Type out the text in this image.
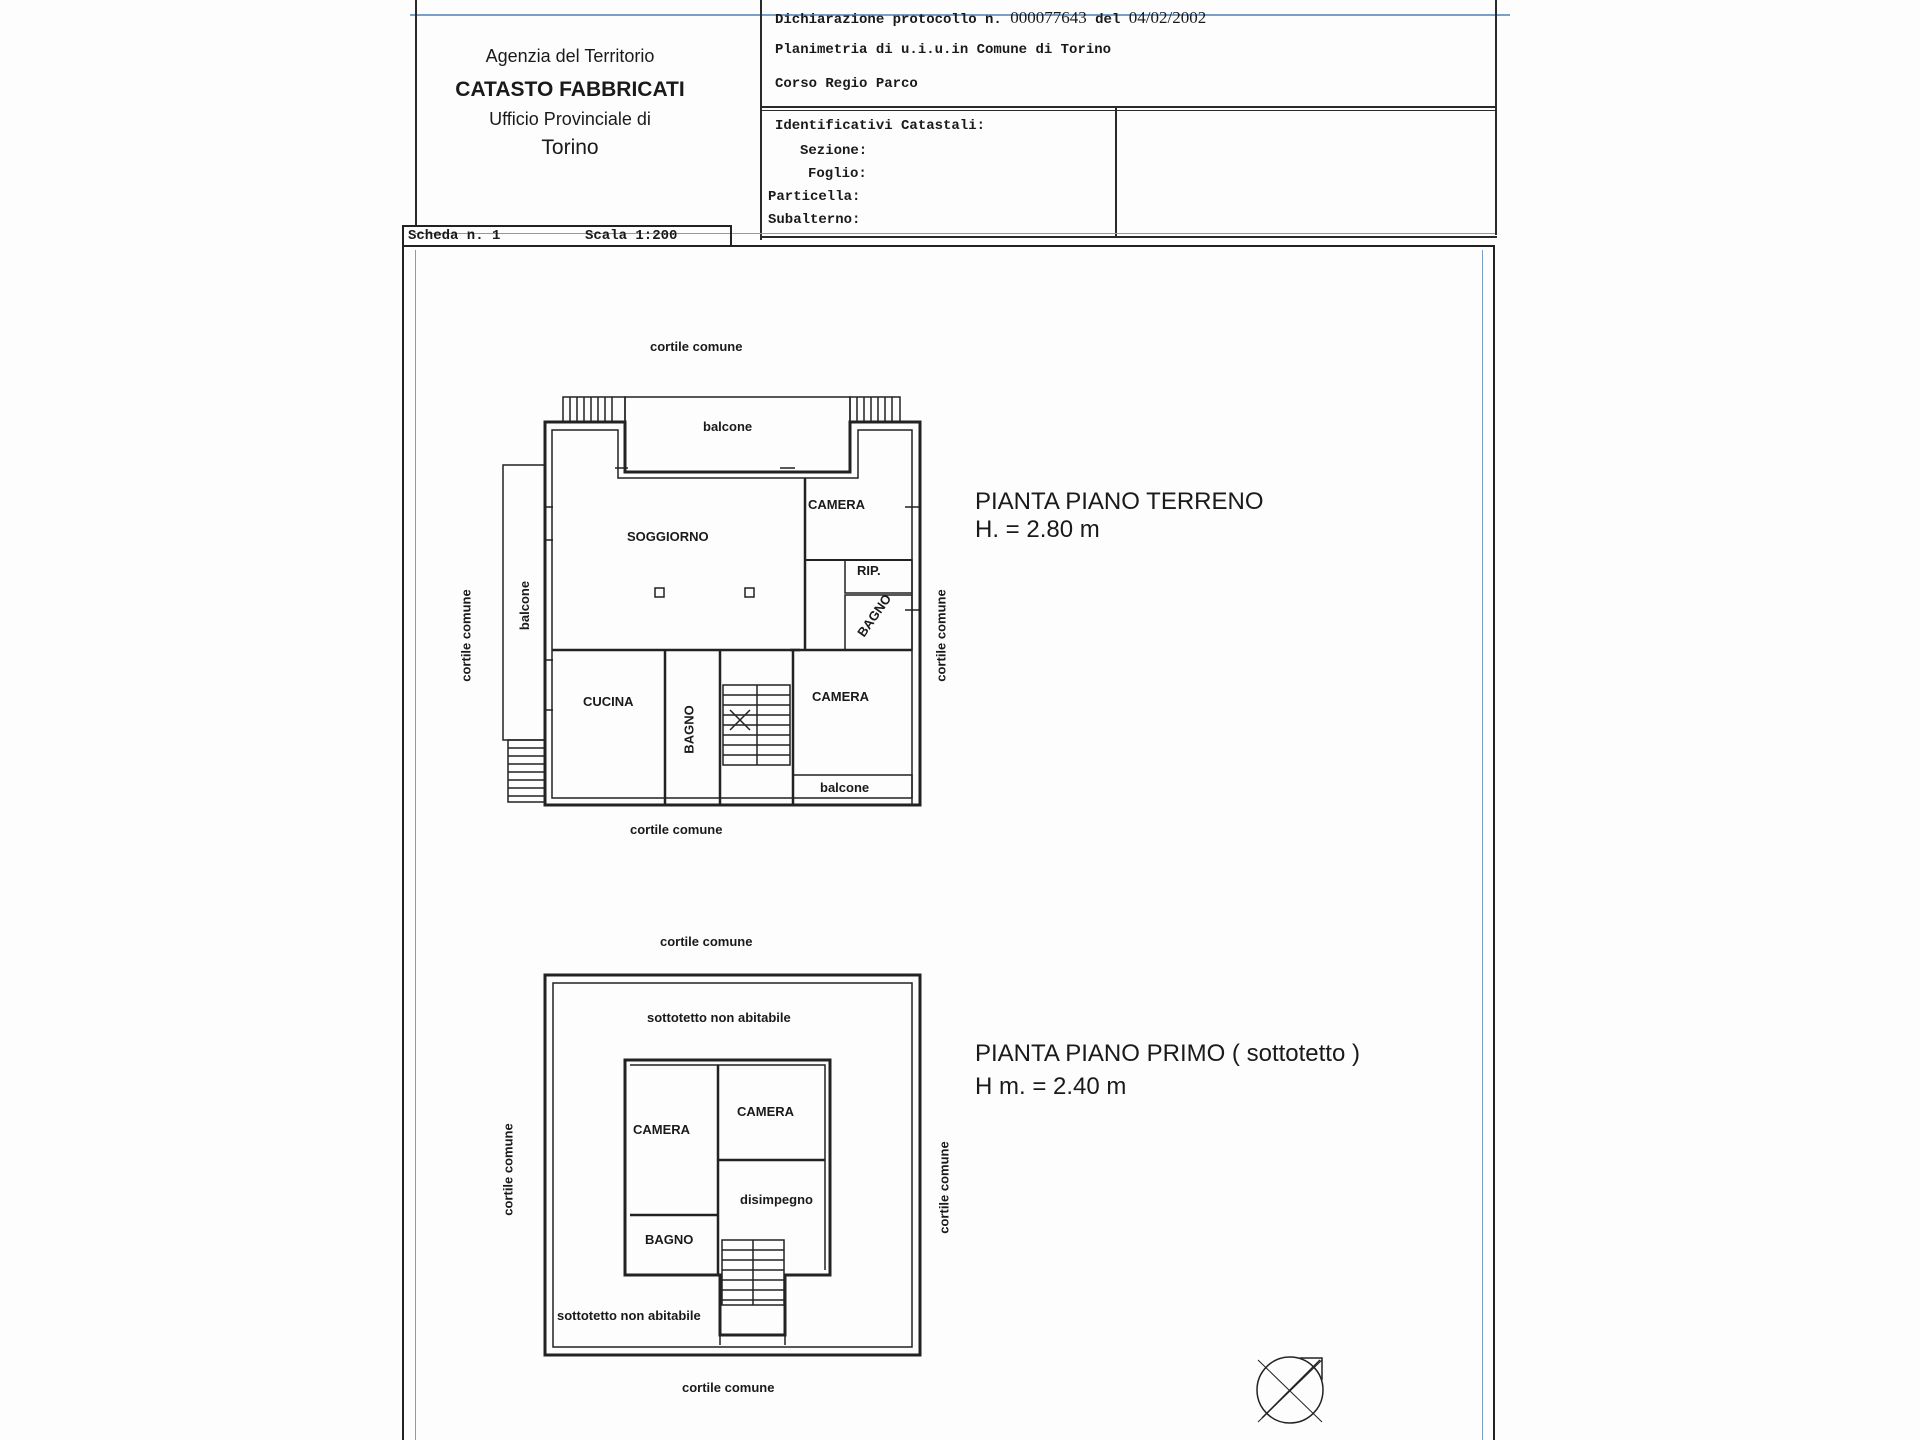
Agenzia del Territorio
CATASTO FABBRICATI
Ufficio Provinciale di
Torino
Dichiarazione protocollo n. 000077643 del 04/02/2002
Planimetria di u.i.u.in Comune di Torino
Corso Regio Parco
Identificativi Catastali:
Sezione:
Foglio:
Particella:
Subalterno:
Scheda n. 1	Scala 1:200
cortile comune
cortile comune
cortile comune	cortile comune
balcone
balcone
balcone
SOGGIORNO
CAMERA
RIP.
BAGNO
CUCINA
BAGNO
CAMERA
PIANTA PIANO TERRENO
H. = 2.80 m
cortile comune
cortile comune
cortile comune	cortile comune
sottotetto non abitabile
sottotetto non abitabile
CAMERA
CAMERA
disimpegno
BAGNO
PIANTA PIANO PRIMO ( sottotetto )
H m. = 2.40 m
